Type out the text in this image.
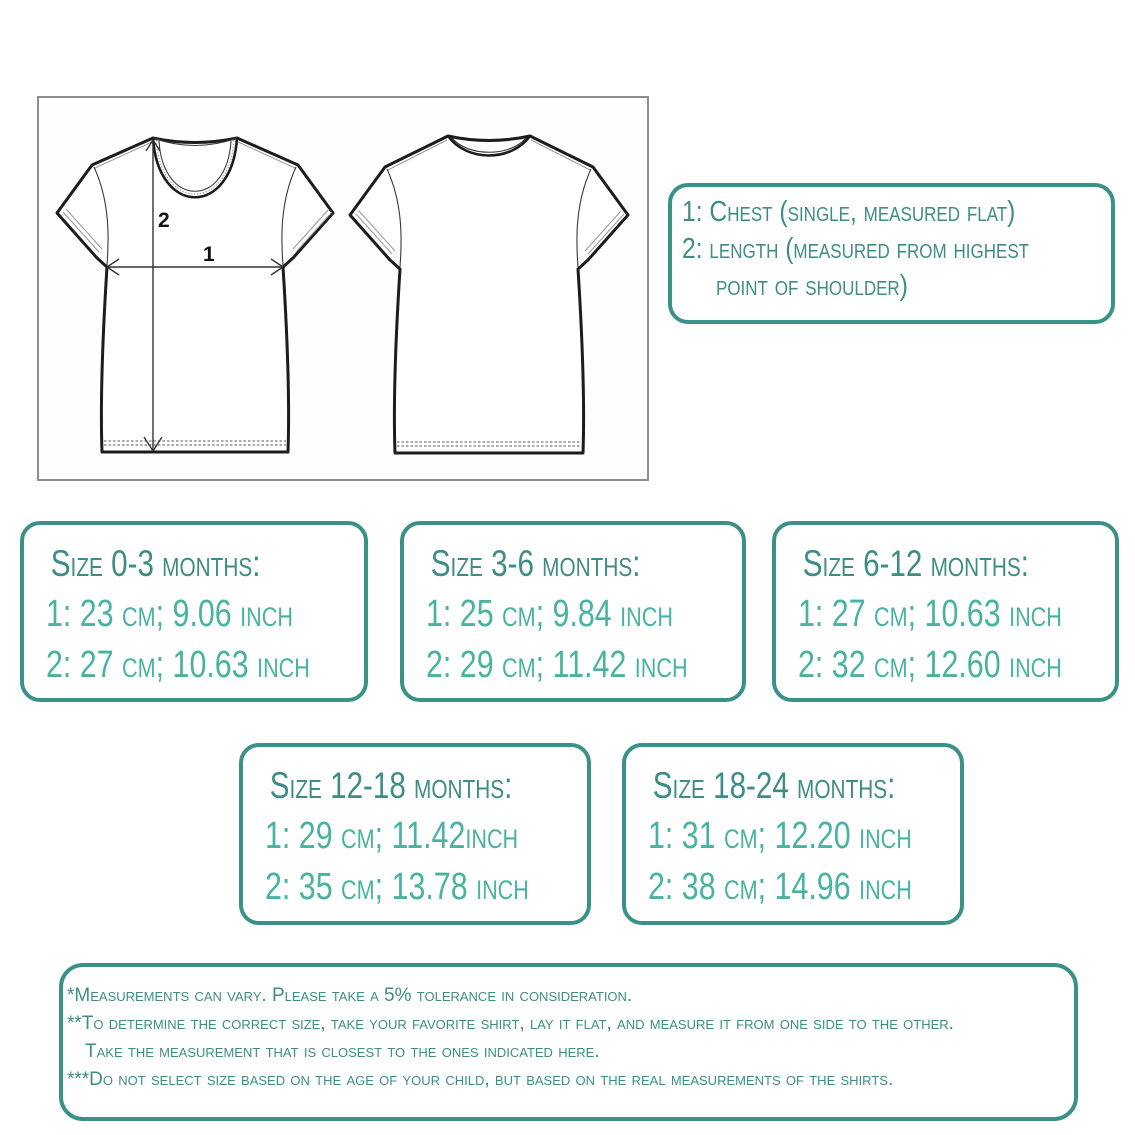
2
1
1: Chest (single, measured flat)
2: length (measured from highest
point of shoulder)
Size 0-3 months:
1: 23 cm; 9.06 inch
2: 27 cm; 10.63 inch
Size 3-6 months:
1: 25 cm; 9.84 inch
2: 29 cm; 11.42 inch
Size 6-12 months:
1: 27 cm; 10.63 inch
2: 32 cm; 12.60 inch
Size 12-18 months:
1: 29 cm; 11.42inch
2: 35 cm; 13.78 inch
Size 18-24 months:
1: 31 cm; 12.20 inch
2: 38 cm; 14.96 inch
*Measurements can vary. Please take a 5% tolerance in consideration.
**To determine the correct size, take your favorite shirt, lay it flat, and measure it from one side to the other.
Take the measurement that is closest to the ones indicated here.
***Do not select size based on the age of your child, but based on the real measurements of the shirts.
